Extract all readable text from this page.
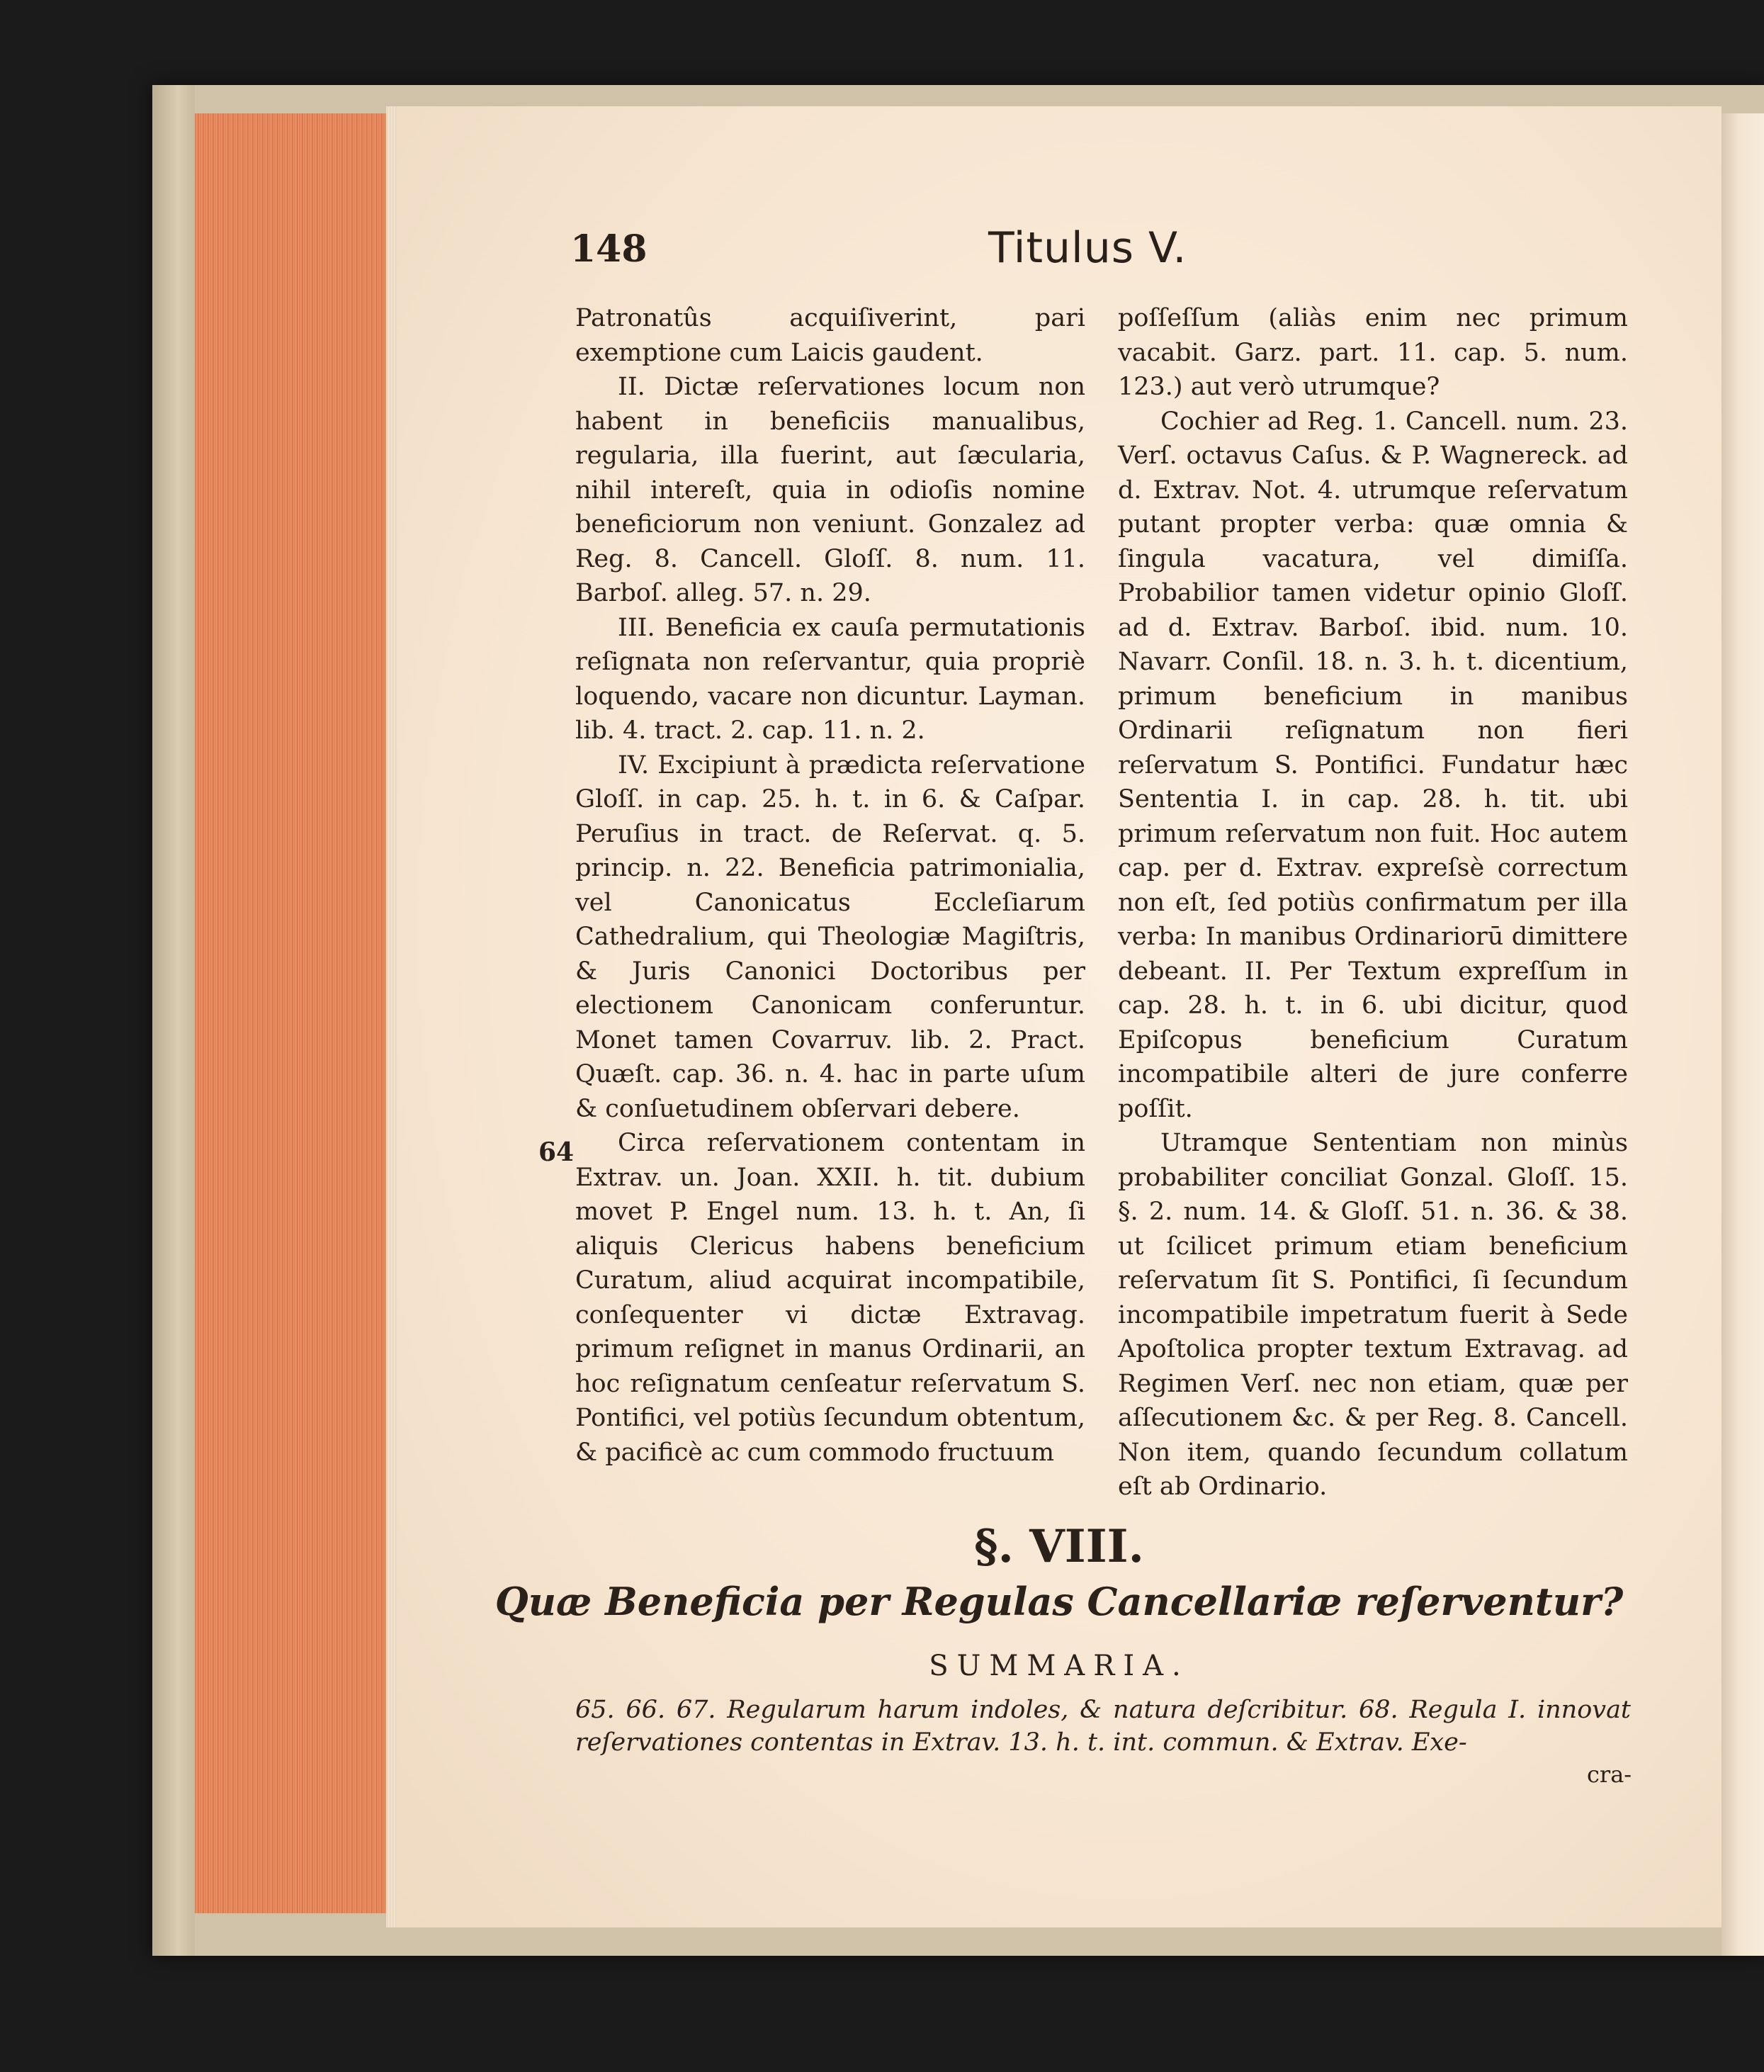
148	Titulus V.

Patronatûs acquiſiverint, pari exemptione cum Laicis gaudent.

II. Dictæ reſervationes locum non habent in beneficiis manualibus, regularia, illa fuerint, aut ſæcularia, nihil intereſt, quia in odioſis nomine beneficiorum non veniunt. Gonzalez ad Reg. 8. Cancell. Gloſſ. 8. num. 11. Barboſ. alleg. 57. n. 29.

III. Beneficia ex cauſa permutationis reſignata non reſervantur, quia propriè loquendo, vacare non dicuntur. Layman. lib. 4. tract. 2. cap. 11. n. 2.

IV. Excipiunt à prædicta reſervatione Gloſſ. in cap. 25. h. t. in 6. & Caſpar. Peruſius in tract. de Reſervat. q. 5. princip. n. 22. Beneficia patrimonialia, vel Canonicatus Eccleſiarum Cathedralium, qui Theologiæ Magiſtris, & Juris Canonici Doctoribus per electionem Canonicam conferuntur. Monet tamen Covarruv. lib. 2. Pract. Quæſt. cap. 36. n. 4. hac in parte uſum & conſuetudinem obſervari debere.

Circa reſervationem contentam in Extrav. un. Joan. XXII. h. tit. dubium movet P. Engel num. 13. h. t. An, ſi aliquis Clericus habens beneficium Curatum, aliud acquirat incompatibile, conſequenter vi dictæ Extravag. primum reſignet in manus Ordinarii, an hoc reſignatum cenſeatur reſervatum S. Pontifici, vel potiùs ſecundum obtentum, & pacificè ac cum commodo fructuum

64

poſſeſſum (aliàs enim nec primum vacabit. Garz. part. 11. cap. 5. num. 123.) aut verò utrumque?

Cochier ad Reg. 1. Cancell. num. 23. Verſ. octavus Caſus. & P. Wagnereck. ad d. Extrav. Not. 4. utrumque reſervatum putant propter verba: quæ omnia & ſingula vacatura, vel dimiſſa. Probabilior tamen videtur opinio Gloſſ. ad d. Extrav. Barboſ. ibid. num. 10. Navarr. Conſil. 18. n. 3. h. t. dicentium, primum beneficium in manibus Ordinarii reſignatum non fieri reſervatum S. Pontifici. Fundatur hæc Sententia I. in cap. 28. h. tit. ubi primum reſervatum non fuit. Hoc autem cap. per d. Extrav. expreſsè correctum non eſt, ſed potiùs confirmatum per illa verba: In manibus Ordinariorū dimittere debeant. II. Per Textum expreſſum in cap. 28. h. t. in 6. ubi dicitur, quod Epiſcopus beneficium Curatum incompatibile alteri de jure conferre poſſit.

Utramque Sententiam non minùs probabiliter conciliat Gonzal. Gloſſ. 15. §. 2. num. 14. & Gloſſ. 51. n. 36. & 38. ut ſcilicet primum etiam beneficium reſervatum ſit S. Pontifici, ſi ſecundum incompatibile impetratum fuerit à Sede Apoſtolica propter textum Extravag. ad Regimen Verſ. nec non etiam, quæ per aſſecutionem &c. & per Reg. 8. Cancell. Non item, quando ſecundum collatum eſt ab Ordinario.

§. VIII.
Quæ Beneficia per Regulas Cancellariæ reſerventur?
SUMMARIA.
65. 66. 67. Regularum harum indoles, & natura deſcribitur. 68. Regula I. innovat reſervationes contentas in Extrav. 13. h. t. int. commun. & Extrav. Exe-
cra-
